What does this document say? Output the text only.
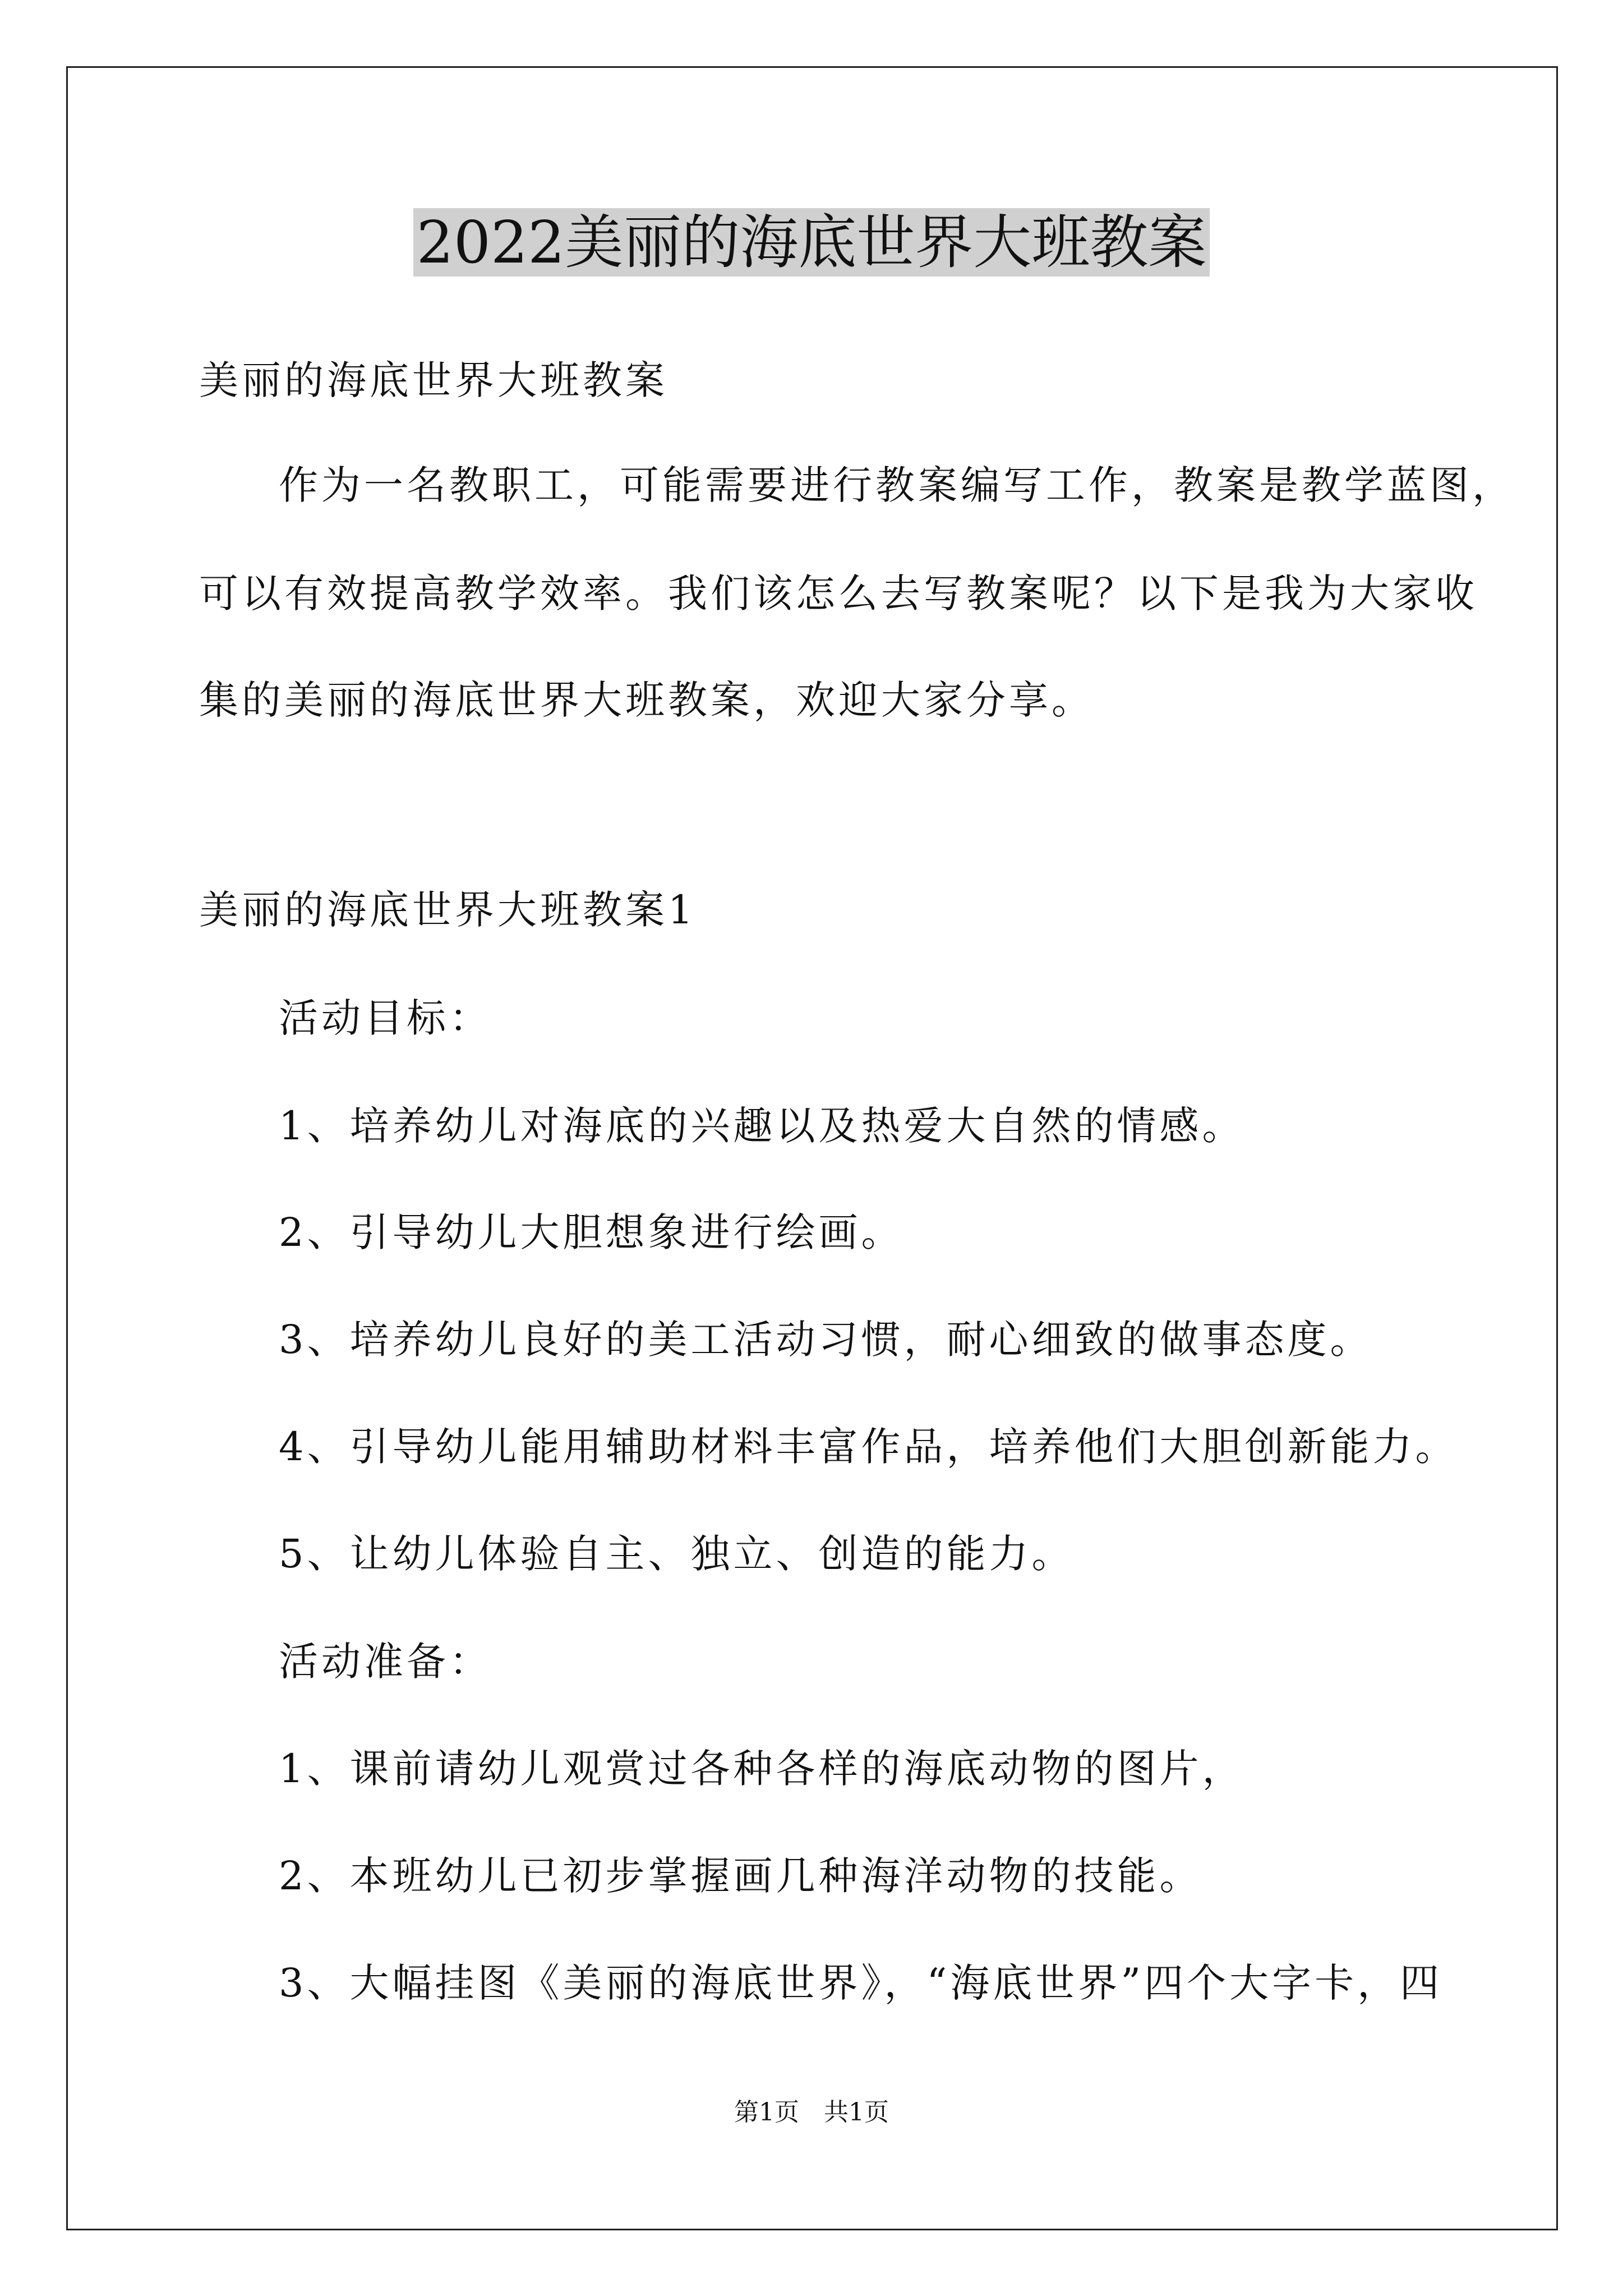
2022美丽的海底世界大班教案
美丽的海底世界大班教案
作为一名教职工，可能需要进行教案编写工作，教案是教学蓝图，
可以有效提高教学效率。我们该怎么去写教案呢？以下是我为大家收
集的美丽的海底世界大班教案，欢迎大家分享。
美丽的海底世界大班教案1
活动目标：
1、培养幼儿对海底的兴趣以及热爱大自然的情感。
2、引导幼儿大胆想象进行绘画。
3、培养幼儿良好的美工活动习惯，耐心细致的做事态度。
4、引导幼儿能用辅助材料丰富作品，培养他们大胆创新能力。
5、让幼儿体验自主、独立、创造的能力。
活动准备：
1、课前请幼儿观赏过各种各样的海底动物的图片，
2、本班幼儿已初步掌握画几种海洋动物的技能。
3、大幅挂图《美丽的海底世界》，“海底世界”四个大字卡，四
第1页　共1页
